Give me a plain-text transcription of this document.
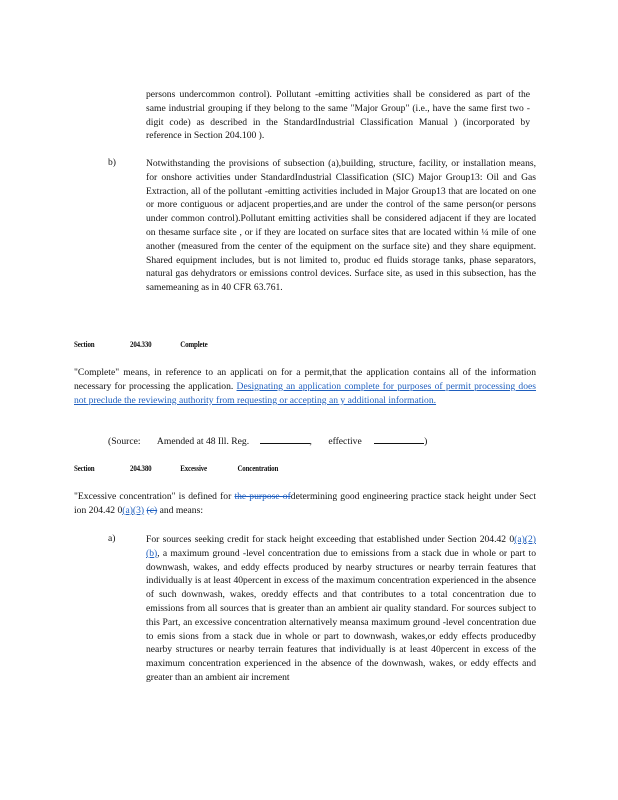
persons undercommon control). Pollutant -emitting activities shall be considered as part of the same industrial grouping if they belong to the same "Major Group" (i.e., have the same first two -digit code) as described in the StandardIndustrial Classification Manual ) (incorporated by reference in Section 204.100 ).

b)	Notwithstanding the provisions of subsection (a),building, structure, facility, or installation means, for onshore activities under StandardIndustrial Classification (SIC) Major Group13: Oil and Gas Extraction, all of the pollutant -emitting activities included in Major Group13 that are located on one or more contiguous or adjacent properties,and are under the control of the same person(or persons under common control).Pollutant emitting activities shall be considered adjacent if they are located on thesame surface site , or if they are located on surface sites that are located within ¼ mile of one another (measured from the center of the equipment on the surface site) and they share equipment. Shared equipment includes, but is not limited to, produc ed fluids storage tanks, phase separators, natural gas dehydrators or emissions control devices. Surface site, as used in this subsection, has the samemeaning as in 40 CFR 63.761.

Section	204.330	Complete

"Complete" means, in reference to an applicati on for a permit,that the application contains all of the information necessary for processing the application. Designating an application complete for purposes of permit processing does not preclude the reviewing authority from requesting or accepting an y additional information.

(Source: Amended at 48 Ill. Reg.	, effective	)
Section	204.380	Excessive	Concentration

"Excessive concentration" is defined for the purpose ofdetermining good engineering practice stack height under Sect ion 204.42 0(a)(3) (c) and means:

a)	For sources seeking credit for stack height exceeding that established under Section 204.42 0(a)(2) (b), a maximum ground -level concentration due to emissions from a stack due in whole or part to downwash, wakes, and eddy effects produced by nearby structures or nearby terrain features that individually is at least 40percent in excess of the maximum concentration experienced in the absence of such downwash, wakes, oreddy effects and that contributes to a total concentration due to emissions from all sources that is greater than an ambient air quality standard. For sources subject to this Part, an excessive concentration alternatively meansa maximum ground -level concentration due to emis sions from a stack due in whole or part to downwash, wakes,or eddy effects producedby nearby structures or nearby terrain features that individually is at least 40percent in excess of the maximum concentration experienced in the absence of the downwash, wakes, or eddy effects and greater than an ambient air increment
